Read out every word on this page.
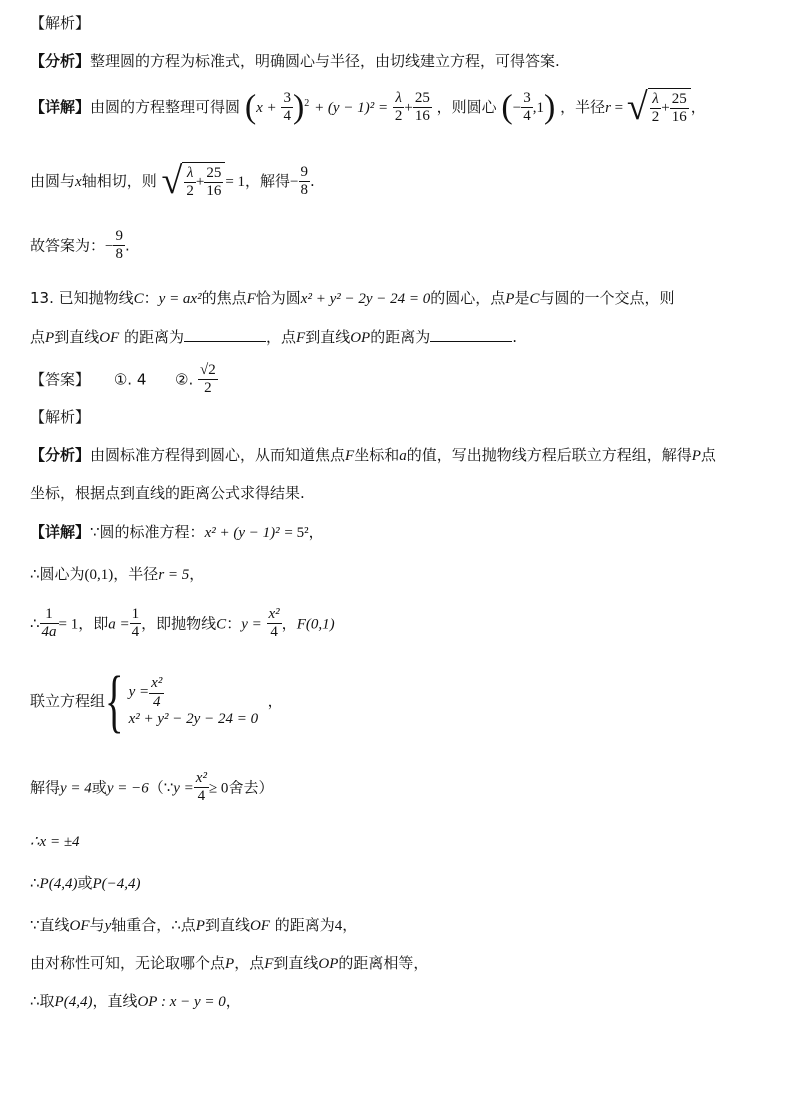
【解析】
【分析】整理圆的方程为标准式，明确圆心与半径，由切线建立方程，可得答案.
【详解】由圆的方程整理可得圆 $(x + \frac{3}{4} )^2 + (y - 1)^2 = \frac{\lambda}{2} + \frac{25}{16}$ ，则圆心 (− $\frac{3}{4} ,1$) ，半径r = √ $\frac{\lambda}{2} + \frac{25}{16}$ ，
由圆与x轴相切，则 √ $\frac{\lambda}{2} + \frac{25}{16} = 1$，解得− $\frac{9}{8}$ .
故答案为：− $\frac{9}{8}$ .
13. 已知抛物线C：y = ax²的焦点F恰为圆x² + y² − 2y − 24 = 0的圆心，点P是C与圆的一个交点，则
点P到直线OF 的距离为	，点F到直线OP的距离为	.
【答案】 ①. 4 ②. $\frac{√2}{2}$
【解析】
【分析】由圆标准方程得到圆心，从而知道焦点F坐标和a的值，写出抛物线方程后联立方程组，解得P点
坐标，根据点到直线的距离公式求得结果.
【详解】∵圆的标准方程：x² + (y − 1)² = 5²，
∴圆心为(0,1)，半径r = 5，
∴ $\frac{1}{4a} = 1$，即$a = \frac{1}{4}$ ，即抛物线C：$y = \frac{\text{x²}}{4}$ ，F(0,1)
联立方程组{ $y = \frac{\text{x²}}{4}$
x² + y² − 2y − 24 = 0
，
解得y = 4或y = −6（∵y = $\frac{\text{x²}}{4} \ge 0$舍去）
∴x = ±4
∴P(4,4)或P(−4,4)
∵直线OF与y轴重合，∴点P到直线OF 的距离为4，
由对称性可知，无论取哪个点P，点F到直线OP的距离相等，
∴取P(4,4)，直线OP : x − y = 0，
